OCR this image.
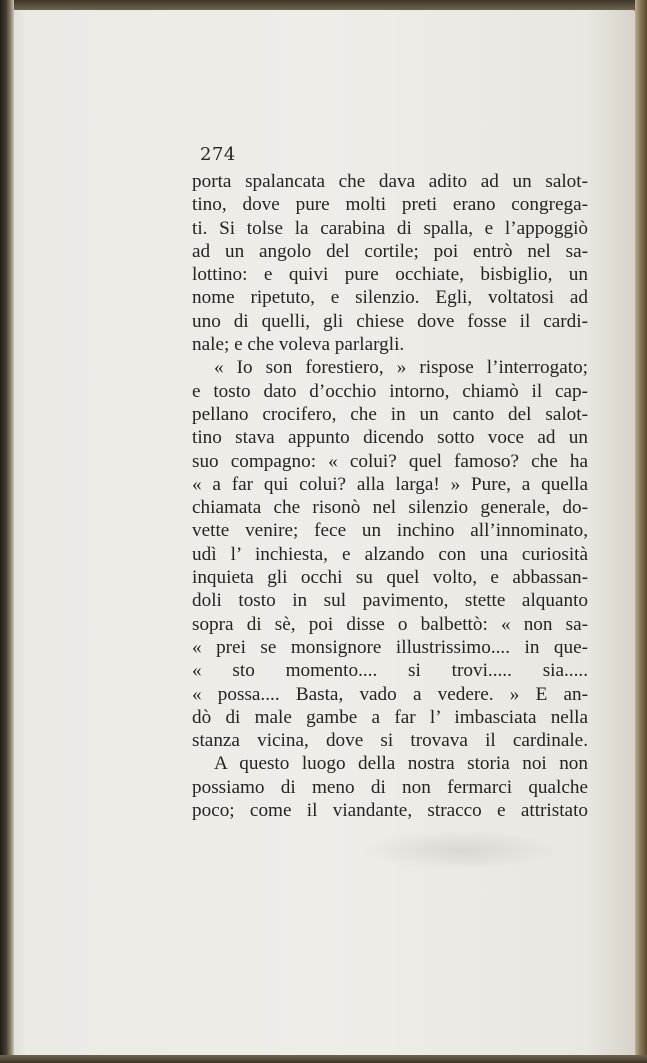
274
porta spalancata che dava adito ad un salot-
tino, dove pure molti preti erano congrega-
ti. Si tolse la carabina di spalla, e l’appoggiò
ad un angolo del cortile; poi entrò nel sa-
lottino: e quivi pure occhiate, bisbiglio, un
nome ripetuto, e silenzio. Egli, voltatosi ad
uno di quelli, gli chiese dove fosse il cardi-
nale; e che voleva parlargli.
« Io son forestiero, » rispose l’interrogato;
e tosto dato d’occhio intorno, chiamò il cap-
pellano crocifero, che in un canto del salot-
tino stava appunto dicendo sotto voce ad un
suo compagno: « colui? quel famoso? che ha
« a far qui colui? alla larga! » Pure, a quella
chiamata che risonò nel silenzio generale, do-
vette venire; fece un inchino all’innominato,
udì l’ inchiesta, e alzando con una curiosità
inquieta gli occhi su quel volto, e abbassan-
doli tosto in sul pavimento, stette alquanto
sopra di sè, poi disse o balbettò: « non sa-
« prei se monsignore illustrissimo.... in que-
« sto momento.... si trovi..... sia.....
« possa.... Basta, vado a vedere. » E an-
dò di male gambe a far l’ imbasciata nella
stanza vicina, dove si trovava il cardinale.
A questo luogo della nostra storia noi non
possiamo di meno di non fermarci qualche
poco; come il viandante, stracco e attristato
